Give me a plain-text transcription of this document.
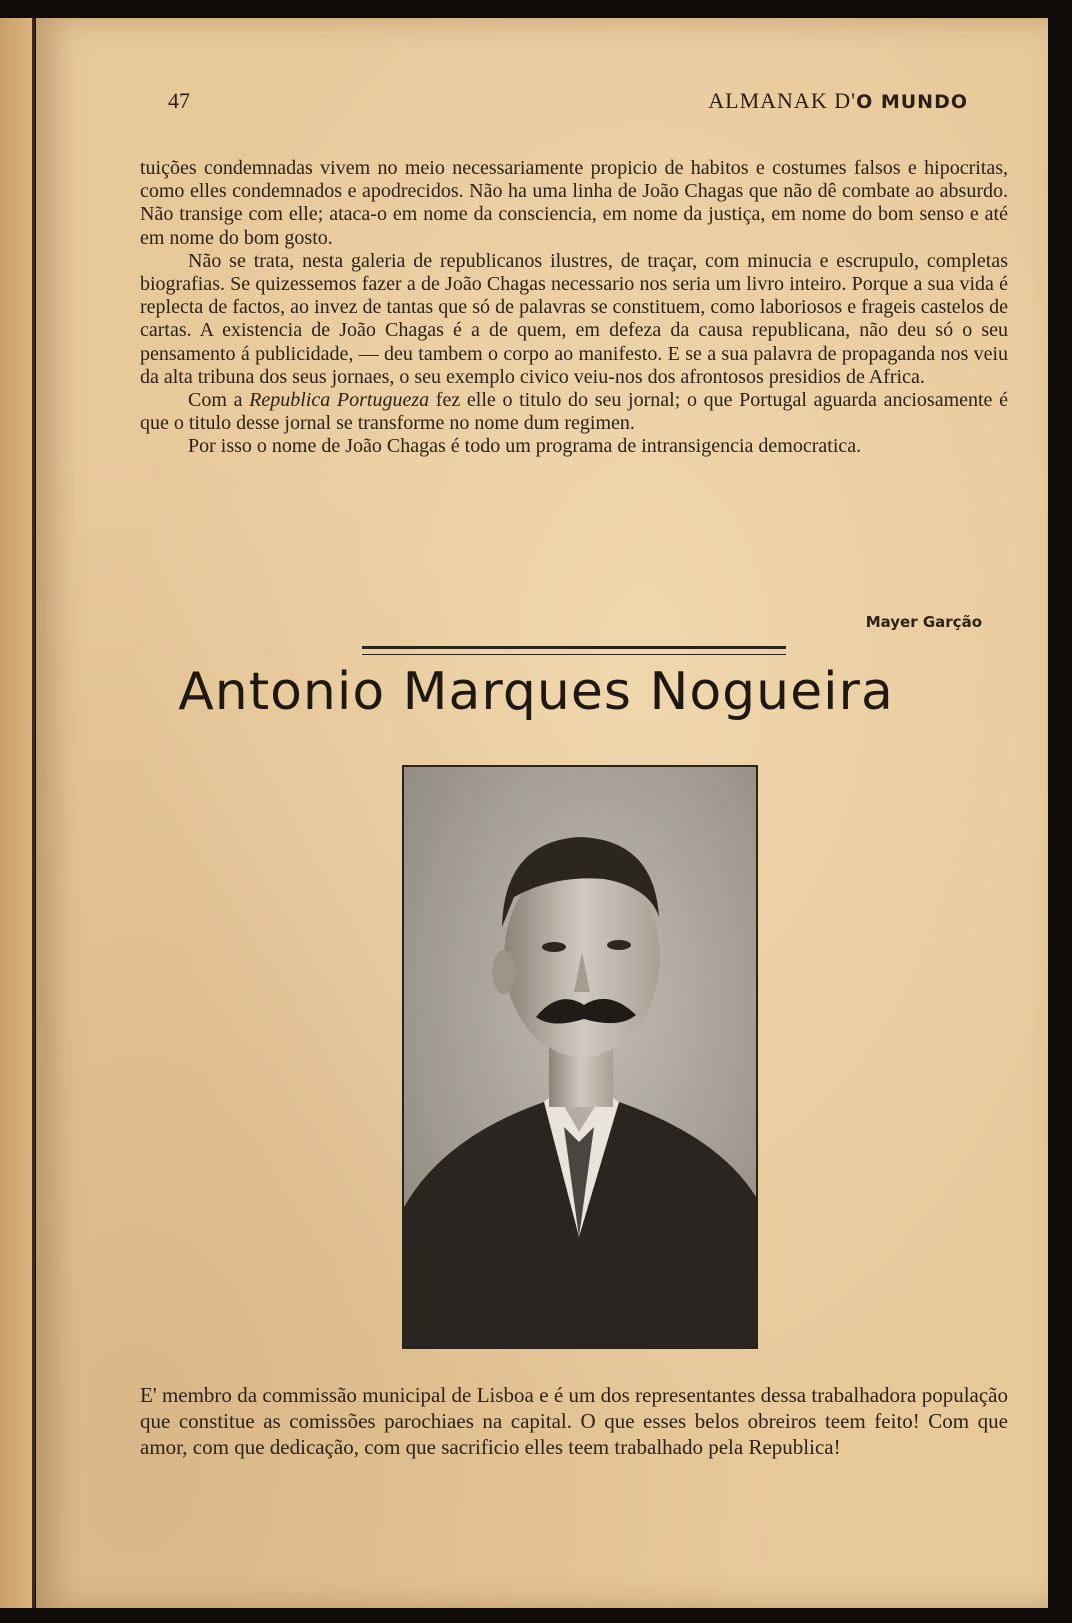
47	ALMANAK D'O MUNDO

tuições condemnadas vivem no meio necessariamente propicio de habitos e costumes falsos e hipocritas, como elles condemnados e apodrecidos. Não ha uma linha de João Chagas que não dê combate ao absurdo. Não transige com elle; ataca-o em nome da consciencia, em nome da justiça, em nome do bom senso e até em nome do bom gosto.

Não se trata, nesta galeria de republicanos ilustres, de traçar, com minucia e escrupulo, completas biografias. Se quizessemos fazer a de João Chagas necessario nos seria um livro inteiro. Porque a sua vida é replecta de factos, ao invez de tantas que só de palavras se constituem, como laboriosos e frageis castelos de cartas. A existencia de João Chagas é a de quem, em defeza da causa republicana, não deu só o seu pensamento á publicidade, — deu tambem o corpo ao manifesto. E se a sua palavra de propaganda nos veiu da alta tribuna dos seus jornaes, o seu exemplo civico veiu-nos dos afrontosos presidios de Africa.

Com a Republica Portugueza fez elle o titulo do seu jornal; o que Portugal aguarda anciosamente é que o titulo desse jornal se transforme no nome dum regimen.

Por isso o nome de João Chagas é todo um programa de intransigencia democratica.

Mayer Garção
Antonio Marques Nogueira
E' membro da commissão municipal de Lisboa e é um dos representantes dessa trabalhadora população que constitue as comissões parochiaes na capital. O que esses belos obreiros teem feito! Com que amor, com que dedicação, com que sacrificio elles teem trabalhado pela Republica!
